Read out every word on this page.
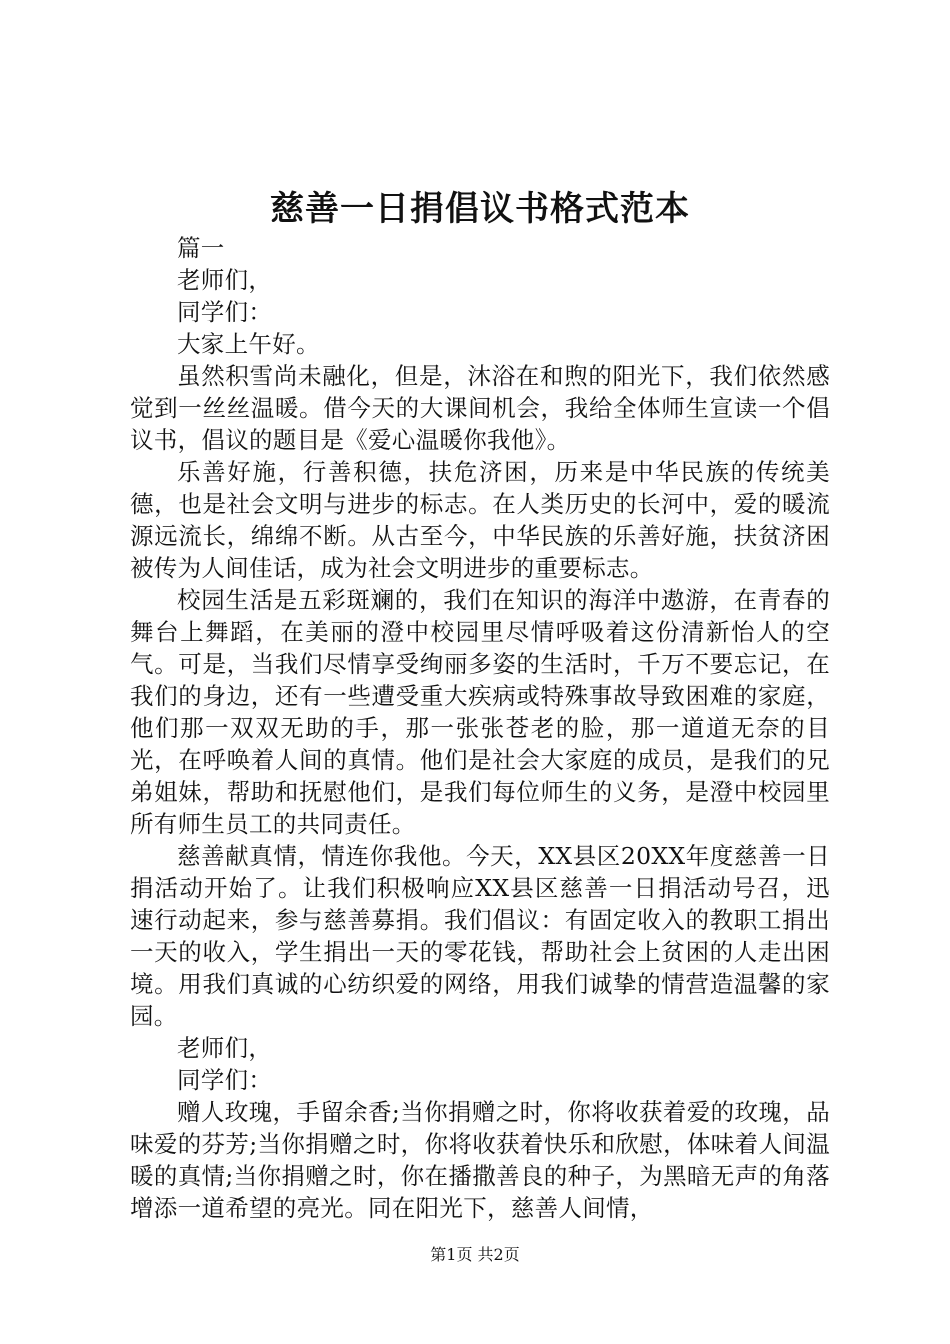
慈善一日捐倡议书格式范本

篇一

老师们，

同学们：

大家上午好。

虽然积雪尚未融化，但是，沐浴在和煦的阳光下，我们依然感觉到一丝丝温暖。借今天的大课间机会，我给全体师生宣读一个倡议书，倡议的题目是《爱心温暖你我他》。

乐善好施，行善积德，扶危济困，历来是中华民族的传统美德，也是社会文明与进步的标志。在人类历史的长河中，爱的暖流源远流长，绵绵不断。从古至今，中华民族的乐善好施，扶贫济困被传为人间佳话，成为社会文明进步的重要标志。

校园生活是五彩斑斓的，我们在知识的海洋中遨游，在青春的舞台上舞蹈，在美丽的澄中校园里尽情呼吸着这份清新怡人的空气。可是，当我们尽情享受绚丽多姿的生活时，千万不要忘记，在我们的身边，还有一些遭受重大疾病或特殊事故导致困难的家庭，他们那一双双无助的手，那一张张苍老的脸，那一道道无奈的目光，在呼唤着人间的真情。他们是社会大家庭的成员，是我们的兄弟姐妹，帮助和抚慰他们，是我们每位师生的义务，是澄中校园里所有师生员工的共同责任。

慈善献真情，情连你我他。今天，XX县区20XX年度慈善一日捐活动开始了。让我们积极响应XX县区慈善一日捐活动号召，迅速行动起来，参与慈善募捐。我们倡议：有固定收入的教职工捐出一天的收入，学生捐出一天的零花钱，帮助社会上贫困的人走出困境。用我们真诚的心纺织爱的网络，用我们诚挚的情营造温馨的家园。

老师们，

同学们：

赠人玫瑰，手留余香;当你捐赠之时，你将收获着爱的玫瑰，品味爱的芬芳;当你捐赠之时，你将收获着快乐和欣慰，体味着人间温暖的真情;当你捐赠之时，你在播撒善良的种子，为黑暗无声的角落增添一道希望的亮光。同在阳光下，慈善人间情，

第1页 共2页
